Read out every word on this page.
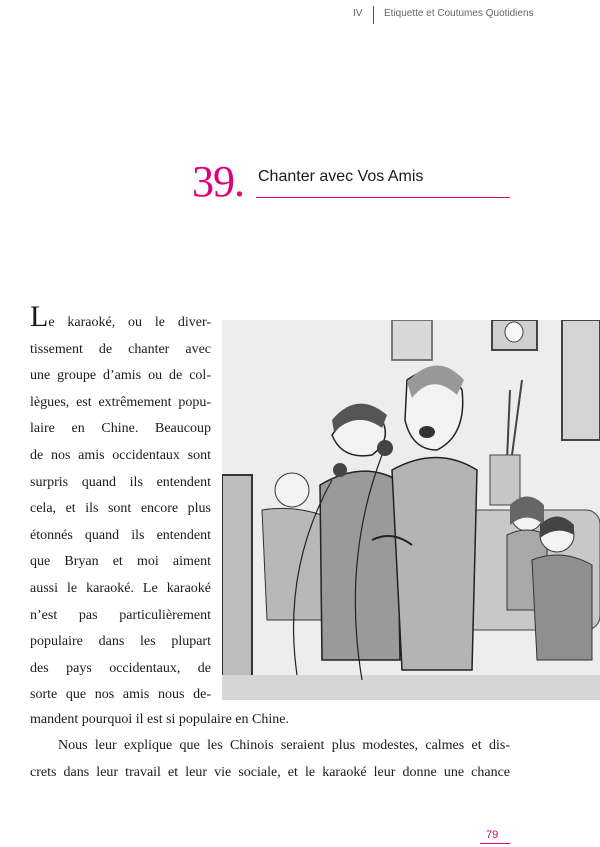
IV Etiquette et Coutumes Quotidiens
39. Chanter avec Vos Amis
Le karaoké, ou le diver-
tissement de chanter avec
une groupe d’amis ou de col-
lègues, est extrêmement popu-
laire en Chine. Beaucoup
de nos amis occidentaux sont
surpris quand ils entendent
cela, et ils sont encore plus
étonnés quand ils entendent
que Bryan et moi aiment
aussi le karaoké. Le karaoké
n’est pas particulièrement
populaire dans les plupart
des pays occidentaux, de
sorte que nos amis nous de-
mandent pourquoi il est si populaire en Chine.
Nous leur explique que les Chinois seraient plus modestes, calmes et dis-
crets dans leur travail et leur vie sociale, et le karaoké leur donne une chance
79
